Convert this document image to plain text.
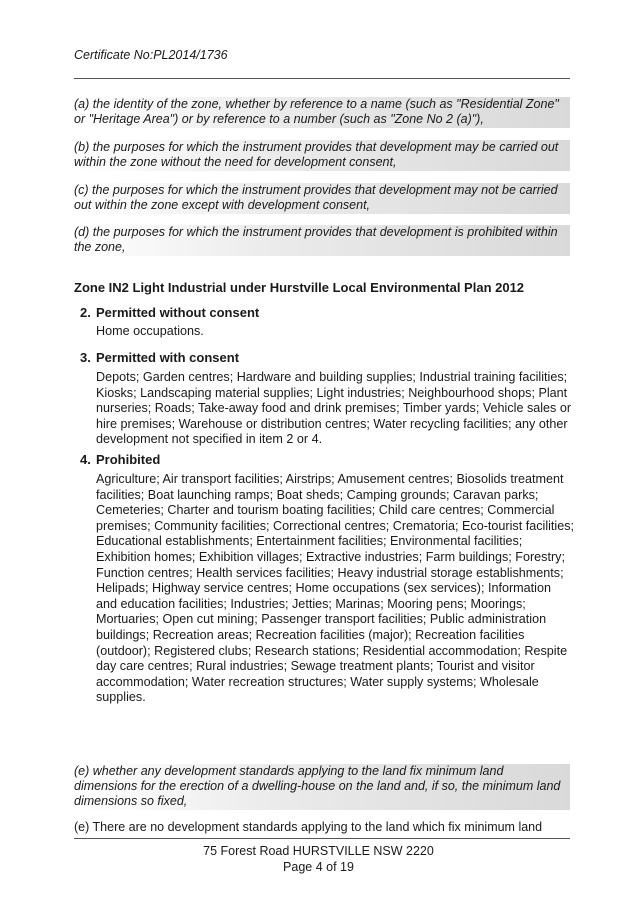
Certificate No:PL2014/1736
(a) the identity of the zone, whether by reference to a name (such as "Residential Zone" or "Heritage Area") or by reference to a number (such as "Zone No 2 (a)"),
(b) the purposes for which the instrument provides that development may be carried out within the zone without the need for development consent,
(c) the purposes for which the instrument provides that development may not be carried out within the zone except with development consent,
(d) the purposes for which the instrument provides that development is prohibited within the zone,
Zone IN2 Light Industrial under Hurstville Local Environmental Plan 2012
2. Permitted without consent
Home occupations.
3. Permitted with consent
Depots; Garden centres; Hardware and building supplies; Industrial training facilities; Kiosks; Landscaping material supplies; Light industries; Neighbourhood shops; Plant nurseries; Roads; Take-away food and drink premises; Timber yards; Vehicle sales or hire premises; Warehouse or distribution centres; Water recycling facilities; any other development not specified in item 2 or 4.
4. Prohibited
Agriculture; Air transport facilities; Airstrips; Amusement centres; Biosolids treatment facilities; Boat launching ramps; Boat sheds; Camping grounds; Caravan parks; Cemeteries; Charter and tourism boating facilities; Child care centres; Commercial premises; Community facilities; Correctional centres; Crematoria; Eco-tourist facilities; Educational establishments; Entertainment facilities; Environmental facilities; Exhibition homes; Exhibition villages; Extractive industries; Farm buildings; Forestry; Function centres; Health services facilities; Heavy industrial storage establishments; Helipads; Highway service centres; Home occupations (sex services); Information and education facilities; Industries; Jetties; Marinas; Mooring pens; Moorings; Mortuaries; Open cut mining; Passenger transport facilities; Public administration buildings; Recreation areas; Recreation facilities (major); Recreation facilities (outdoor); Registered clubs; Research stations; Residential accommodation; Respite day care centres; Rural industries; Sewage treatment plants; Tourist and visitor accommodation; Water recreation structures; Water supply systems; Wholesale supplies.
(e) whether any development standards applying to the land fix minimum land dimensions for the erection of a dwelling-house on the land and, if so, the minimum land dimensions so fixed,
(e) There are no development standards applying to the land which fix minimum land
75 Forest Road HURSTVILLE NSW 2220
Page 4 of 19
